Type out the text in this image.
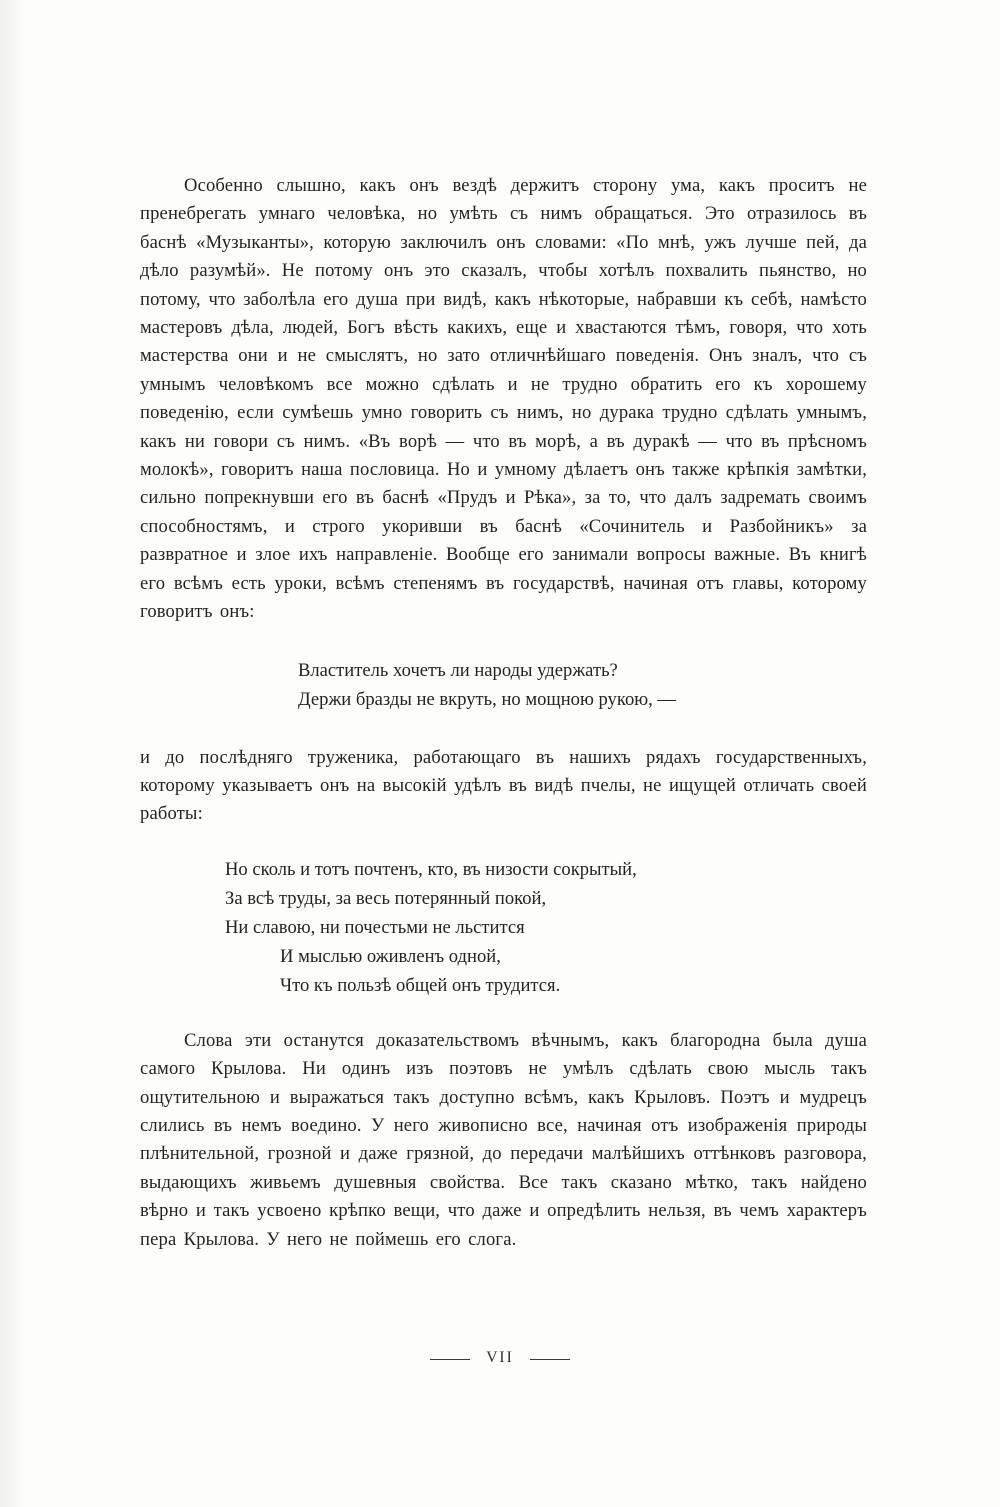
Особенно слышно, какъ онъ вездѣ держитъ сторону ума, какъ проситъ не пренебрегать умнаго человѣка, но умѣть съ нимъ обращаться. Это отразилось въ баснѣ «Музыканты», которую заключилъ онъ словами: «По мнѣ, ужъ лучше пей, да дѣло разумѣй». Не потому онъ это сказалъ, чтобы хотѣлъ похвалить пьянство, но потому, что заболѣла его душа при видѣ, какъ нѣкоторые, набравши къ себѣ, намѣсто мастеровъ дѣла, людей, Богъ вѣсть какихъ, еще и хвастаются тѣмъ, говоря, что хоть мастерства они и не смыслятъ, но зато отличнѣйшаго поведенія. Онъ зналъ, что съ умнымъ человѣкомъ все можно сдѣлать и не трудно обратить его къ хорошему поведенію, если сумѣешь умно говорить съ нимъ, но дурака трудно сдѣлать умнымъ, какъ ни говори съ нимъ. «Въ ворѣ — что въ морѣ, а въ дуракѣ — что въ прѣсномъ молокѣ», говоритъ наша пословица. Но и умному дѣлаетъ онъ также крѣпкія замѣтки, сильно попрекнувши его въ баснѣ «Прудъ и Рѣка», за то, что далъ задремать своимъ способностямъ, и строго укоривши въ баснѣ «Сочинитель и Разбойникъ» за развратное и злое ихъ направленіе. Вообще его занимали вопросы важные. Въ книгѣ его всѣмъ есть уроки, всѣмъ степенямъ въ государствѣ, начиная отъ главы, которому говоритъ онъ:

Властитель хочетъ ли народы удержать?
Держи бразды не вкруть, но мощною рукою, —

и до послѣдняго труженика, работающаго въ нашихъ рядахъ государственныхъ, которому указываетъ онъ на высокій удѣлъ въ видѣ пчелы, не ищущей отличать своей работы:

Но сколь и тотъ почтенъ, кто, въ низости сокрытый,
За всѣ труды, за весь потерянный покой,
Ни славою, ни почестьми не льстится
И мыслью оживленъ одной,
Что къ пользѣ общей онъ трудится.

Слова эти останутся доказательствомъ вѣчнымъ, какъ благородна была душа самого Крылова. Ни одинъ изъ поэтовъ не умѣлъ сдѣлать свою мысль такъ ощутительною и выражаться такъ доступно всѣмъ, какъ Крыловъ. Поэтъ и мудрецъ слились въ немъ воедино. У него живописно все, начиная отъ изображенія природы плѣнительной, грозной и даже грязной, до передачи малѣйшихъ оттѣнковъ разговора, выдающихъ живьемъ душевныя свойства. Все такъ сказано мѣтко, такъ найдено вѣрно и такъ усвоено крѣпко вещи, что даже и опредѣлить нельзя, въ чемъ характеръ пера Крылова. У него не поймешь его слога.

VII
